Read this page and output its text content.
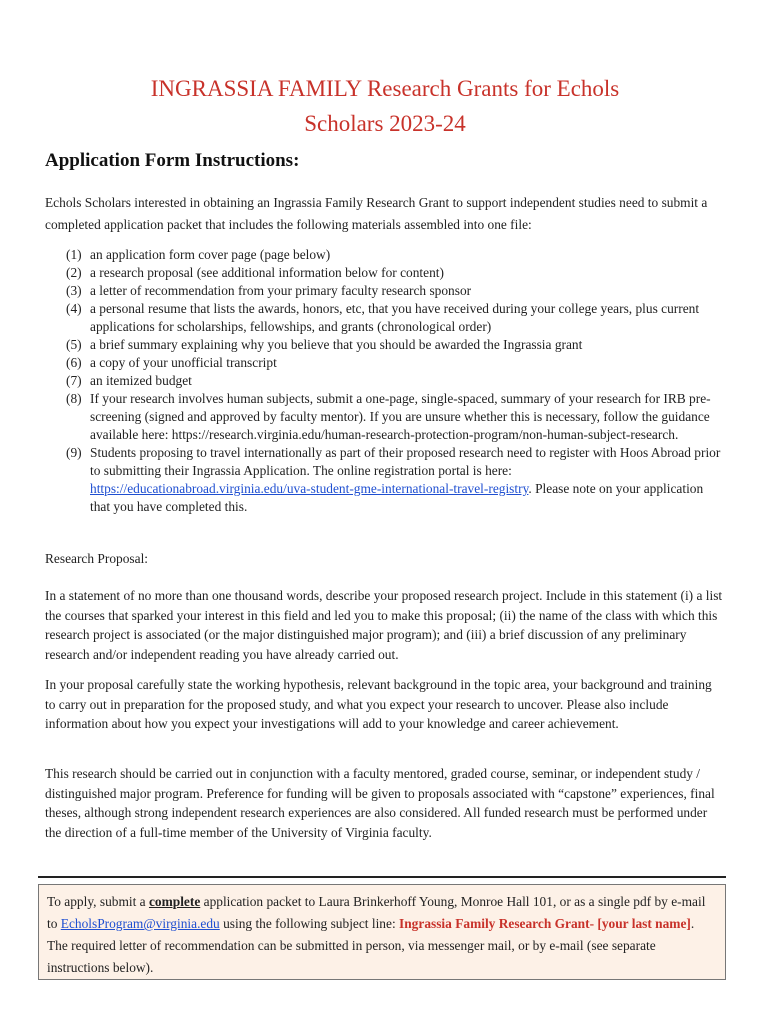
INGRASSIA FAMILY Research Grants for Echols
Scholars 2023-24
Application Form Instructions:
Echols Scholars interested in obtaining an Ingrassia Family Research Grant to support independent studies need to submit a completed application packet that includes the following materials assembled into one file:
(1) an application form cover page (page below)
(2) a research proposal (see additional information below for content)
(3) a letter of recommendation from your primary faculty research sponsor
(4) a personal resume that lists the awards, honors, etc, that you have received during your college years, plus current applications for scholarships, fellowships, and grants (chronological order)
(5) a brief summary explaining why you believe that you should be awarded the Ingrassia grant
(6) a copy of your unofficial transcript
(7) an itemized budget
(8) If your research involves human subjects, submit a one-page, single-spaced, summary of your research for IRB pre-screening (signed and approved by faculty mentor). If you are unsure whether this is necessary, follow the guidance available here: https://research.virginia.edu/human-research-protection-program/non-human-subject-research.
(9) Students proposing to travel internationally as part of their proposed research need to register with Hoos Abroad prior to submitting their Ingrassia Application. The online registration portal is here: https://educationabroad.virginia.edu/uva-student-gme-international-travel-registry. Please note on your application that you have completed this.
Research Proposal:
In a statement of no more than one thousand words, describe your proposed research project. Include in this statement (i) a list the courses that sparked your interest in this field and led you to make this proposal; (ii) the name of the class with which this research project is associated (or the major distinguished major program); and (iii) a brief discussion of any preliminary research and/or independent reading you have already carried out.
In your proposal carefully state the working hypothesis, relevant background in the topic area, your background and training to carry out in preparation for the proposed study, and what you expect your research to uncover. Please also include information about how you expect your investigations will add to your knowledge and career achievement.
This research should be carried out in conjunction with a faculty mentored, graded course, seminar, or independent study / distinguished major program. Preference for funding will be given to proposals associated with “capstone” experiences, final theses, although strong independent research experiences are also considered. All funded research must be performed under the direction of a full-time member of the University of Virginia faculty.
To apply, submit a complete application packet to Laura Brinkerhoff Young, Monroe Hall 101, or as a single pdf by e-mail to EcholsProgram@virginia.edu using the following subject line: Ingrassia Family Research Grant- [your last name]. The required letter of recommendation can be submitted in person, via messenger mail, or by e-mail (see separate instructions below).
